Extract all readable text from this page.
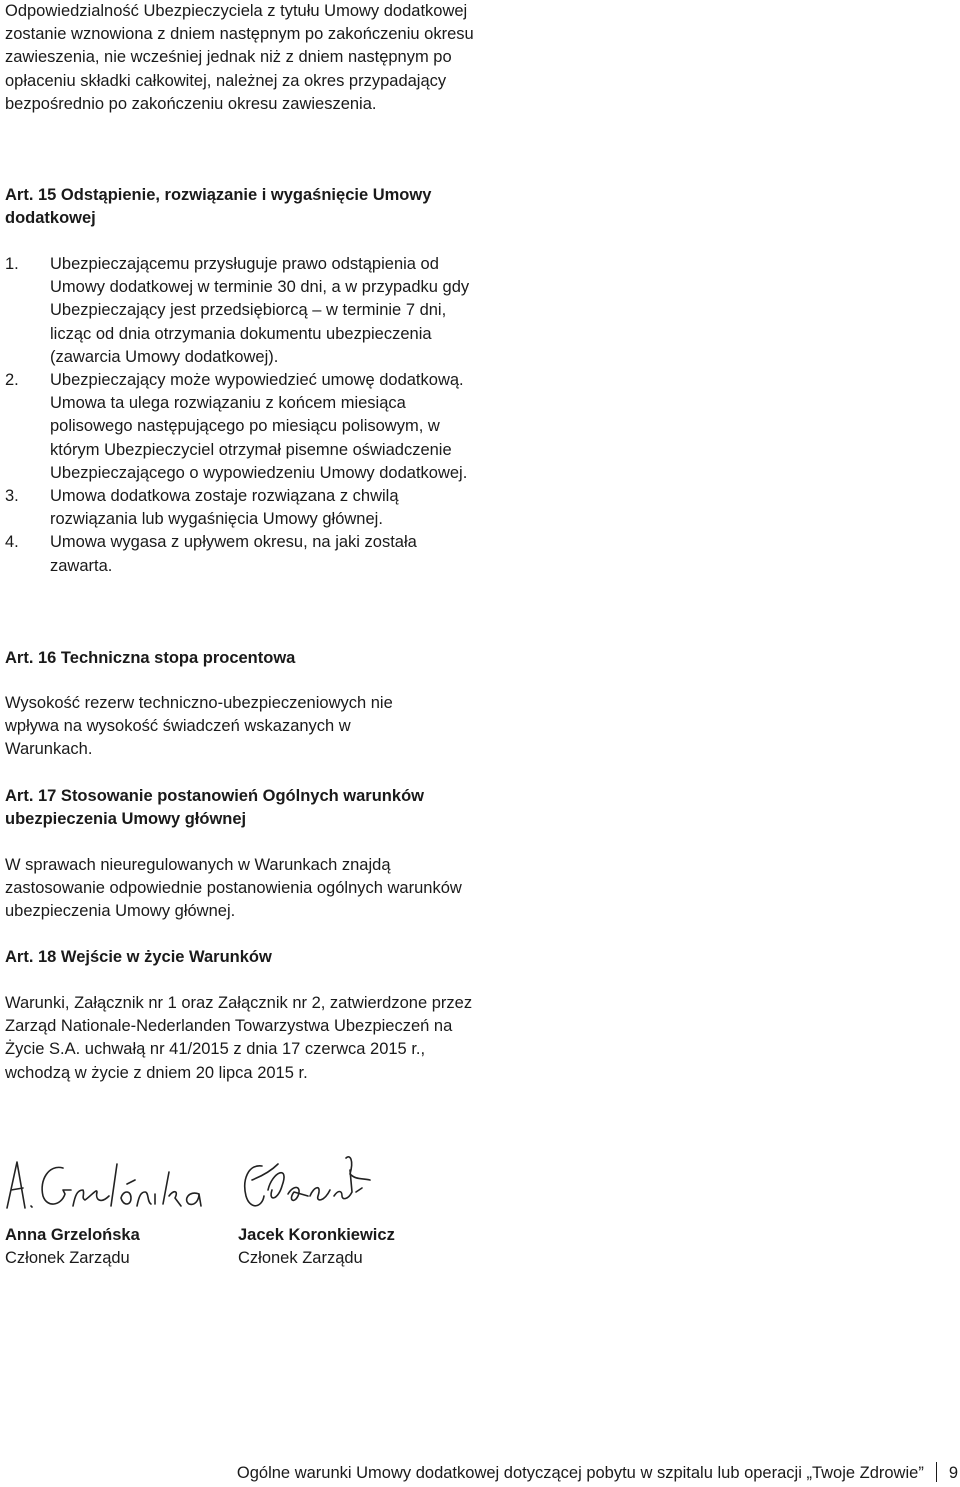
Odpowiedzialność Ubezpieczyciela z tytułu Umowy dodatkowej zostanie wznowiona z dniem następnym po zakończeniu okresu zawieszenia, nie wcześniej jednak niż z dniem następnym po opłaceniu składki całkowitej, należnej za okres przypadający bezpośrednio po zakończeniu okresu zawieszenia.

Art. 15 Odstąpienie, rozwiązanie i wygaśnięcie Umowy dodatkowej

1. Ubezpieczającemu przysługuje prawo odstąpienia od Umowy dodatkowej w terminie 30 dni, a w przypadku gdy Ubezpieczający jest przedsiębiorcą – w terminie 7 dni, licząc od dnia otrzymania dokumentu ubezpieczenia (zawarcia Umowy dodatkowej).
2. Ubezpieczający może wypowiedzieć umowę dodatkową. Umowa ta ulega rozwiązaniu z końcem miesiąca polisowego następującego po miesiącu polisowym, w którym Ubezpieczyciel otrzymał pisemne oświadczenie Ubezpieczającego o wypowiedzeniu Umowy dodatkowej.
3. Umowa dodatkowa zostaje rozwiązana z chwilą rozwiązania lub wygaśnięcia Umowy głównej.
4. Umowa wygasa z upływem okresu, na jaki została zawarta.

Art. 16 Techniczna stopa procentowa

Wysokość rezerw techniczno-ubezpieczeniowych nie wpływa na wysokość świadczeń wskazanych w Warunkach.

Art. 17 Stosowanie postanowień Ogólnych warunków ubezpieczenia Umowy głównej

W sprawach nieuregulowanych w Warunkach znajdą zastosowanie odpowiednie postanowienia ogólnych warunków ubezpieczenia Umowy głównej.

Art. 18 Wejście w życie Warunków

Warunki, Załącznik nr 1 oraz Załącznik nr 2, zatwierdzone przez Zarząd Nationale-Nederlanden Towarzystwa Ubezpieczeń na Życie S.A. uchwałą nr 41/2015 z dnia 17 czerwca 2015 r., wchodzą w życie z dniem 20 lipca 2015 r.

Anna Grzelońska
Członek Zarządu
Jacek Koronkiewicz
Członek Zarządu
Ogólne warunki Umowy dodatkowej dotyczącej pobytu w szpitalu lub operacji „Twoje Zdrowie” 9
